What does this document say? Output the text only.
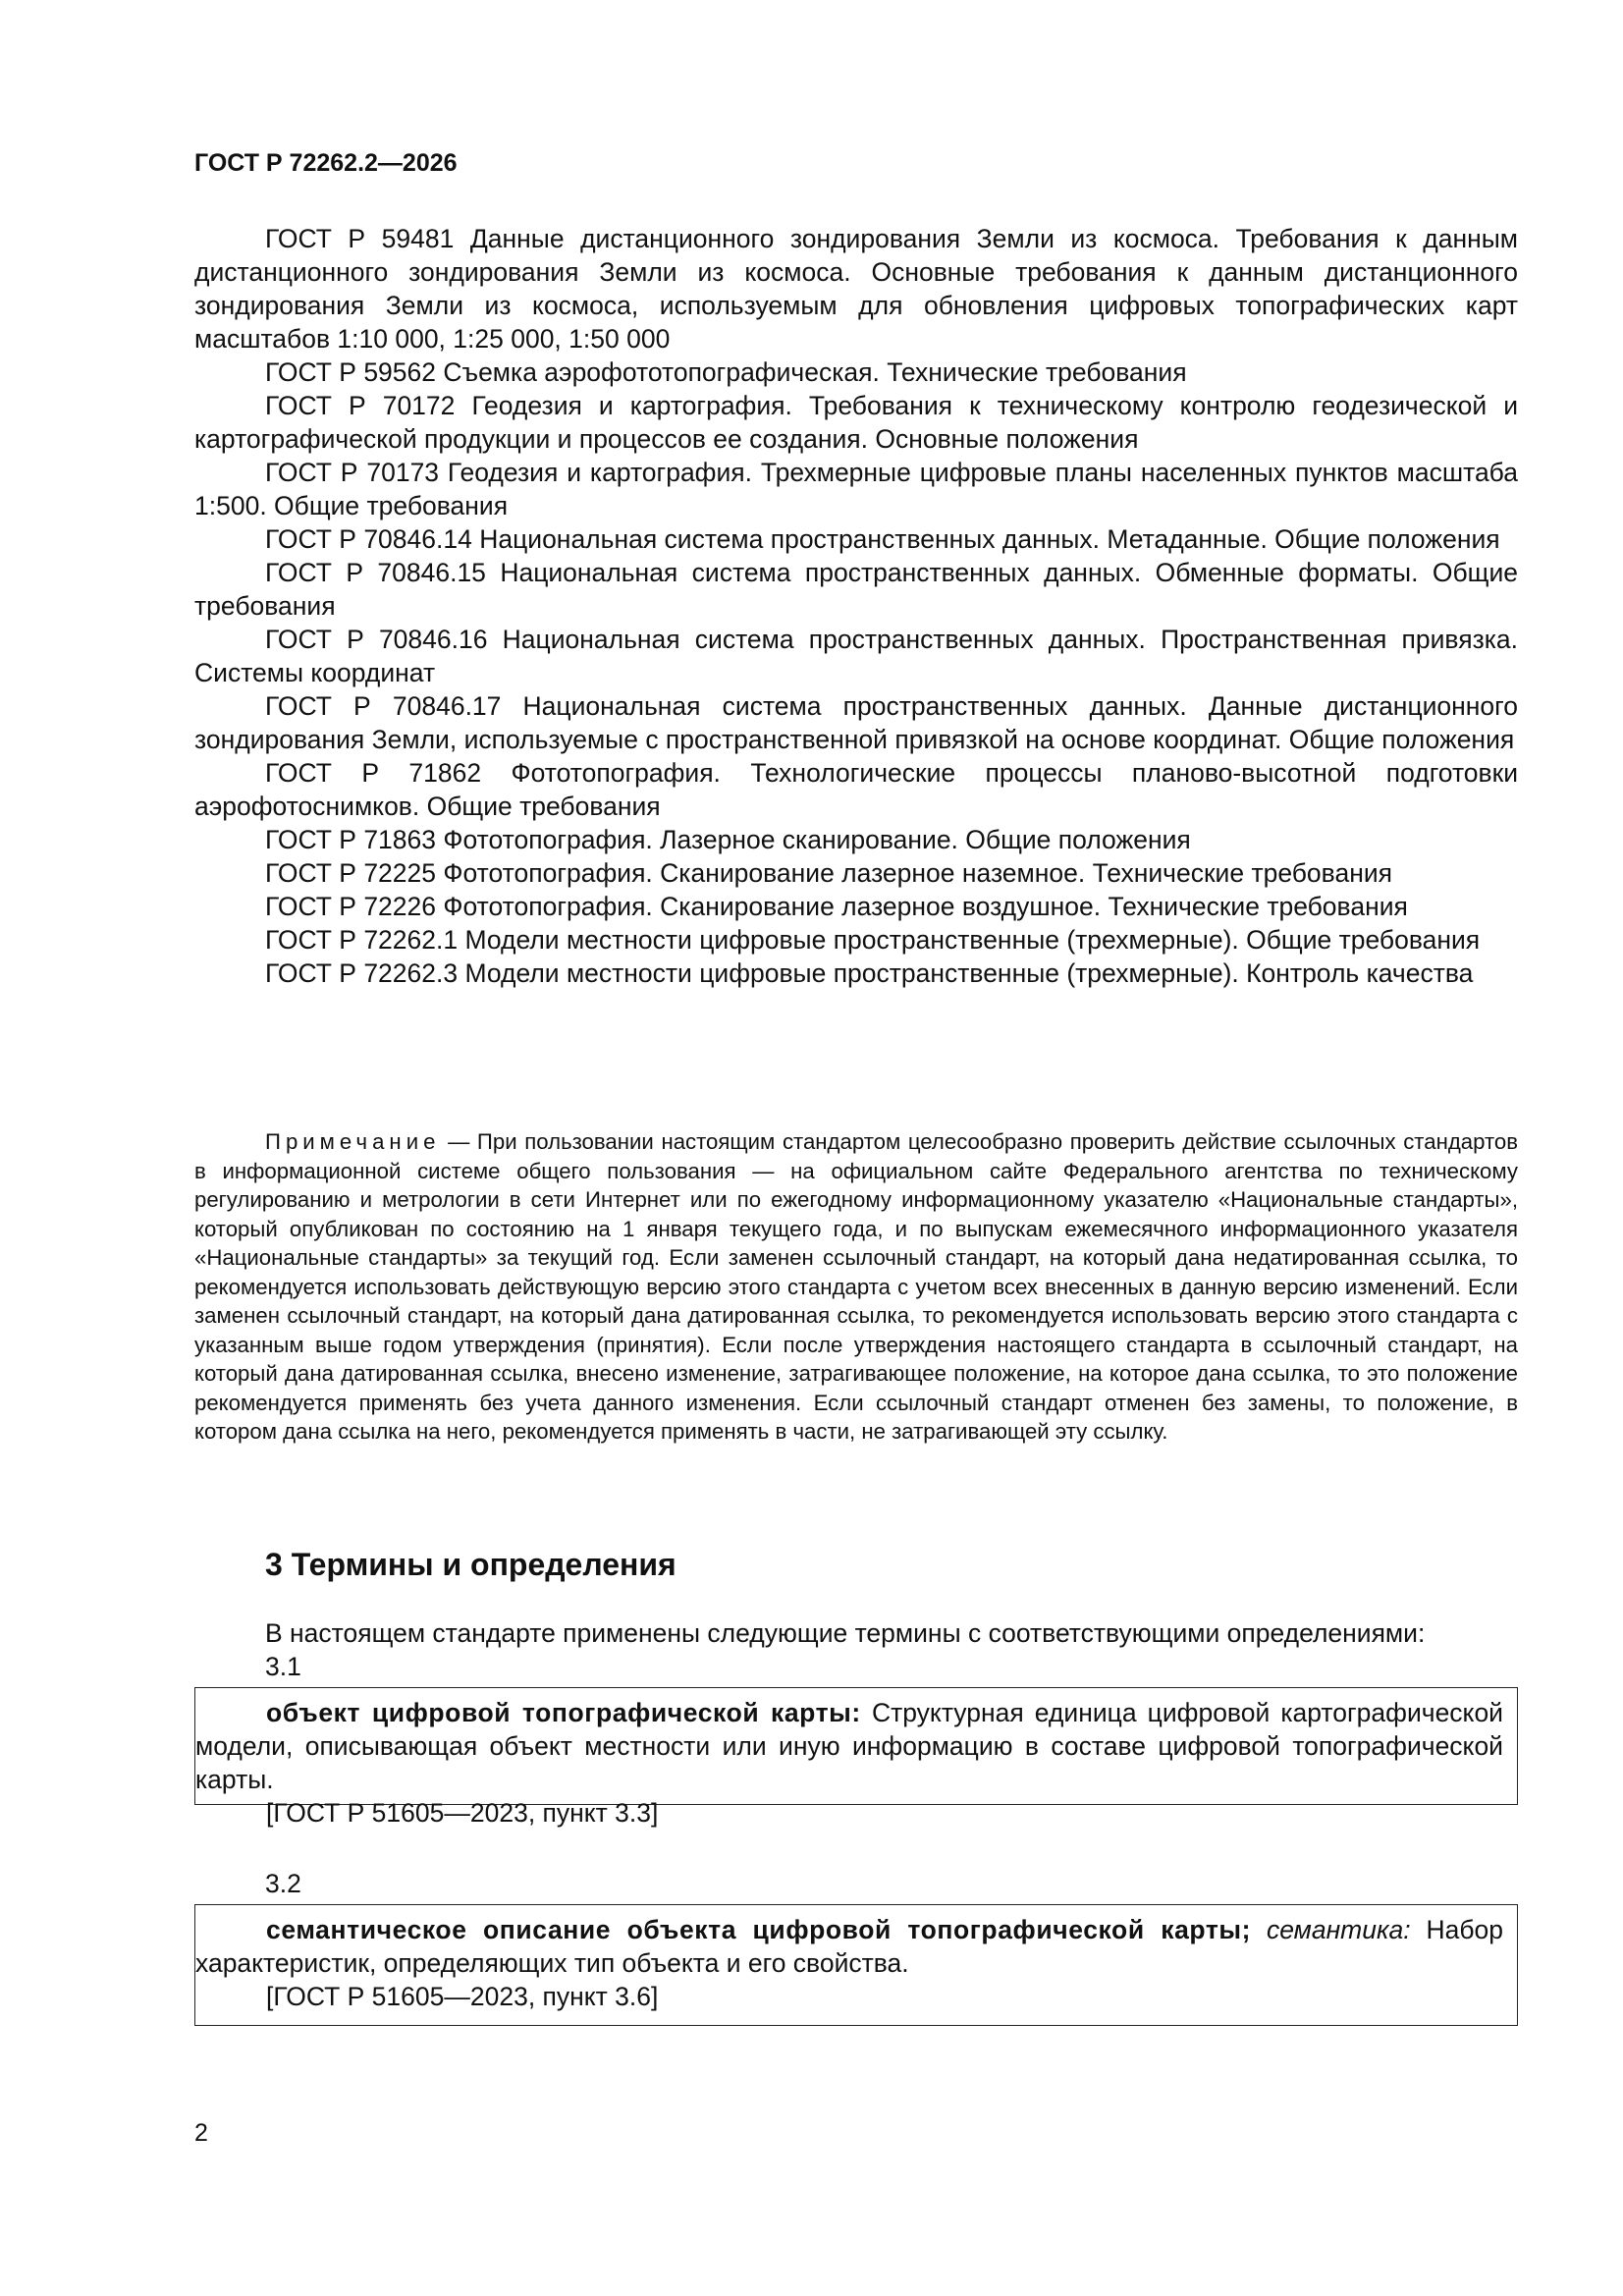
ГОСТ Р 72262.2—2026

ГОСТ Р 59481 Данные дистанционного зондирования Земли из космоса. Требования к данным дистанционного зондирования Земли из космоса. Основные требования к данным дистанционного зондирования Земли из космоса, используемым для обновления цифровых топографических карт масштабов 1:10 000, 1:25 000, 1:50 000

ГОСТ Р 59562 Съемка аэрофототопографическая. Технические требования

ГОСТ Р 70172 Геодезия и картография. Требования к техническому контролю геодезической и картографической продукции и процессов ее создания. Основные положения

ГОСТ Р 70173 Геодезия и картография. Трехмерные цифровые планы населенных пунктов масштаба 1:500. Общие требования

ГОСТ Р 70846.14 Национальная система пространственных данных. Метаданные. Общие положения

ГОСТ Р 70846.15 Национальная система пространственных данных. Обменные форматы. Общие требования

ГОСТ Р 70846.16 Национальная система пространственных данных. Пространственная привязка. Системы координат

ГОСТ Р 70846.17 Национальная система пространственных данных. Данные дистанционного зондирования Земли, используемые с пространственной привязкой на основе координат. Общие положения

ГОСТ Р 71862 Фототопография. Технологические процессы планово-высотной подготовки аэрофотоснимков. Общие требования

ГОСТ Р 71863 Фототопография. Лазерное сканирование. Общие положения

ГОСТ Р 72225 Фототопография. Сканирование лазерное наземное. Технические требования

ГОСТ Р 72226 Фототопография. Сканирование лазерное воздушное. Технические требования

ГОСТ Р 72262.1 Модели местности цифровые пространственные (трехмерные). Общие требования

ГОСТ Р 72262.3 Модели местности цифровые пространственные (трехмерные). Контроль качества

Примечание — При пользовании настоящим стандартом целесообразно проверить действие ссылочных стандартов в информационной системе общего пользования — на официальном сайте Федерального агентства по техническому регулированию и метрологии в сети Интернет или по ежегодному информационному указателю «Национальные стандарты», который опубликован по состоянию на 1 января текущего года, и по выпускам ежемесячного информационного указателя «Национальные стандарты» за текущий год. Если заменен ссылочный стандарт, на который дана недатированная ссылка, то рекомендуется использовать действующую версию этого стандарта с учетом всех внесенных в данную версию изменений. Если заменен ссылочный стандарт, на который дана датированная ссылка, то рекомендуется использовать версию этого стандарта с указанным выше годом утверждения (принятия). Если после утверждения настоящего стандарта в ссылочный стандарт, на который дана датированная ссылка, внесено изменение, затрагивающее положение, на которое дана ссылка, то это положение рекомендуется применять без учета данного изменения. Если ссылочный стандарт отменен без замены, то положение, в котором дана ссылка на него, рекомендуется применять в части, не затрагивающей эту ссылку.

3 Термины и определения

В настоящем стандарте применены следующие термины с соответствующими определениями:

3.1

объект цифровой топографической карты: Структурная единица цифровой картографической модели, описывающая объект местности или иную информацию в составе цифровой топографической карты.

[ГОСТ Р 51605—2023, пункт 3.3]

3.2

семантическое описание объекта цифровой топографической карты; семантика: Набор характеристик, определяющих тип объекта и его свойства.

[ГОСТ Р 51605—2023, пункт 3.6]

2
